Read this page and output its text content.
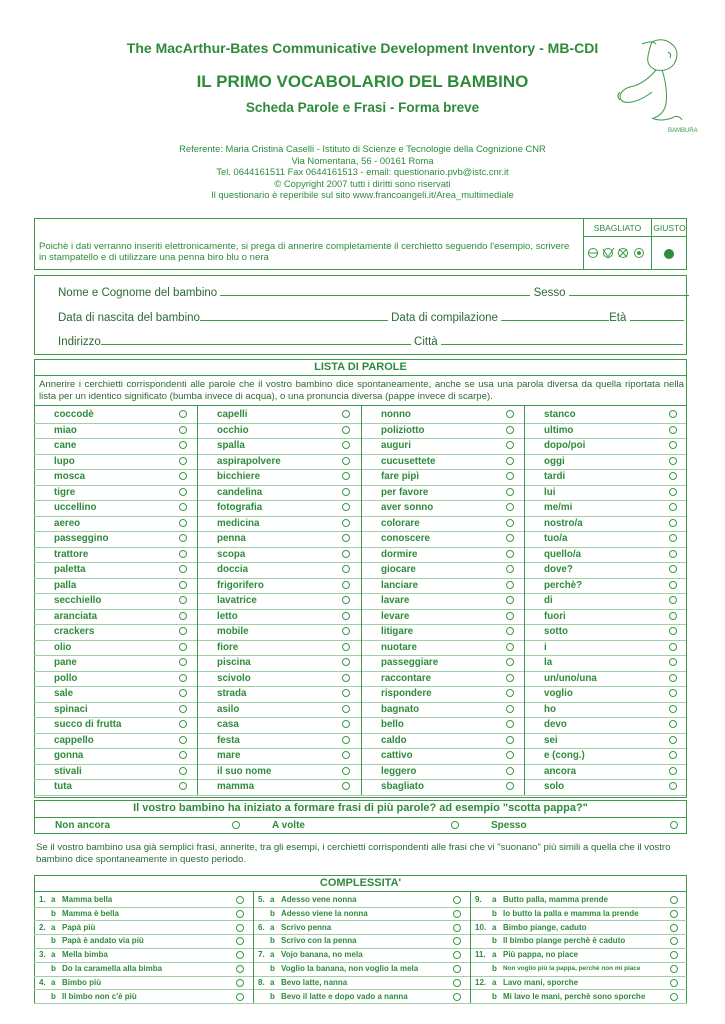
The MacArthur-Bates Communicative Development Inventory - MB-CDI
IL PRIMO VOCABOLARIO DEL BAMBINO
Scheda Parole e Frasi - Forma breve
Referente: Maria Cristina Caselli - Istituto di Scienze e Tecnologie della Cognizione CNR
Via Nomentana, 56 - 00161 Roma
Tel. 0644161511 Fax 0644161513 - email: questionario.pvb@istc.cnr.it
© Copyright 2007 tutti i diritti sono riservati
Il questionario è reperibile sul sito www.francoangeli.it/Area_multimediale
BAMBURA
Poichè i dati verranno inseriti elettronicamente, si prega di annerire completamente il cerchietto seguendo l'esempio, scrivere in stampatello e di utilizzare una penna biro blu o nera
SBAGLIATO	GIUSTO
Nome e Cognome del bambino	Sesso
Data di nascita del bambino	Data di compilazione	Età
Indirizzo	Città
LISTA DI PAROLE
Annerire i cerchietti corrispondenti alle parole che il vostro bambino dice spontaneamente, anche se usa una parola diversa da quella riportata nella lista per un identico significato (bumba invece di acqua), o una pronuncia diversa (pappe invece di scarpe).
coccodè	capelli	nonno	stanco
miao	occhio	poliziotto	ultimo
cane	spalla	auguri	dopo/poi
lupo	aspirapolvere	cucusettete	oggi
mosca	bicchiere	fare pipì	tardi
tigre	candelina	per favore	lui
uccellino	fotografia	aver sonno	me/mi
aereo	medicina	colorare	nostro/a
passeggino	penna	conoscere	tuo/a
trattore	scopa	dormire	quello/a
paletta	doccia	giocare	dove?
palla	frigorifero	lanciare	perchè?
secchiello	lavatrice	lavare	di
aranciata	letto	levare	fuori
crackers	mobile	litigare	sotto
olio	fiore	nuotare	i
pane	piscina	passeggiare	la
pollo	scivolo	raccontare	un/uno/una
sale	strada	rispondere	voglio
spinaci	asilo	bagnato	ho
succo di frutta	casa	bello	devo
cappello	festa	caldo	sei
gonna	mare	cattivo	e (cong.)
stivali	il suo nome	leggero	ancora
tuta	mamma	sbagliato	solo
Il vostro bambino ha iniziato a formare frasi di più parole? ad esempio "scotta pappa?"
Non ancora	A volte	Spesso
Se il vostro bambino usa già semplici frasi, annerite, tra gli esempi, i cerchietti corrispondenti alle frasi che vi "suonano" più simili a quella che il vostro bambino dice spontaneamente in questo periodo.
COMPLESSITA'
1. a Mamma bella
b Mamma è bella
2. a Papà più
b Papà è andato via più
3. a Mella bimba
b Do la caramella alla bimba
4. a Bimbo più
b Il bimbo non c'è più
5. a Adesso vene nonna
b Adesso viene la nonna
6. a Scrivo penna
b Scrivo con la penna
7. a Vojo banana, no mela
b Voglio la banana, non voglio la mela
8. a Bevo latte, nanna
b Bevo il latte e dopo vado a nanna
9. a Butto palla, mamma prende
b Io butto la palla e mamma la prende
10. a Bimbo piange, caduto
b Il bimbo piange perchè è caduto
11. a Più pappa, no piace
b Non voglio più la pappa, perchè non mi piace
12. a Lavo mani, sporche
b Mi lavo le mani, perchè sono sporche
